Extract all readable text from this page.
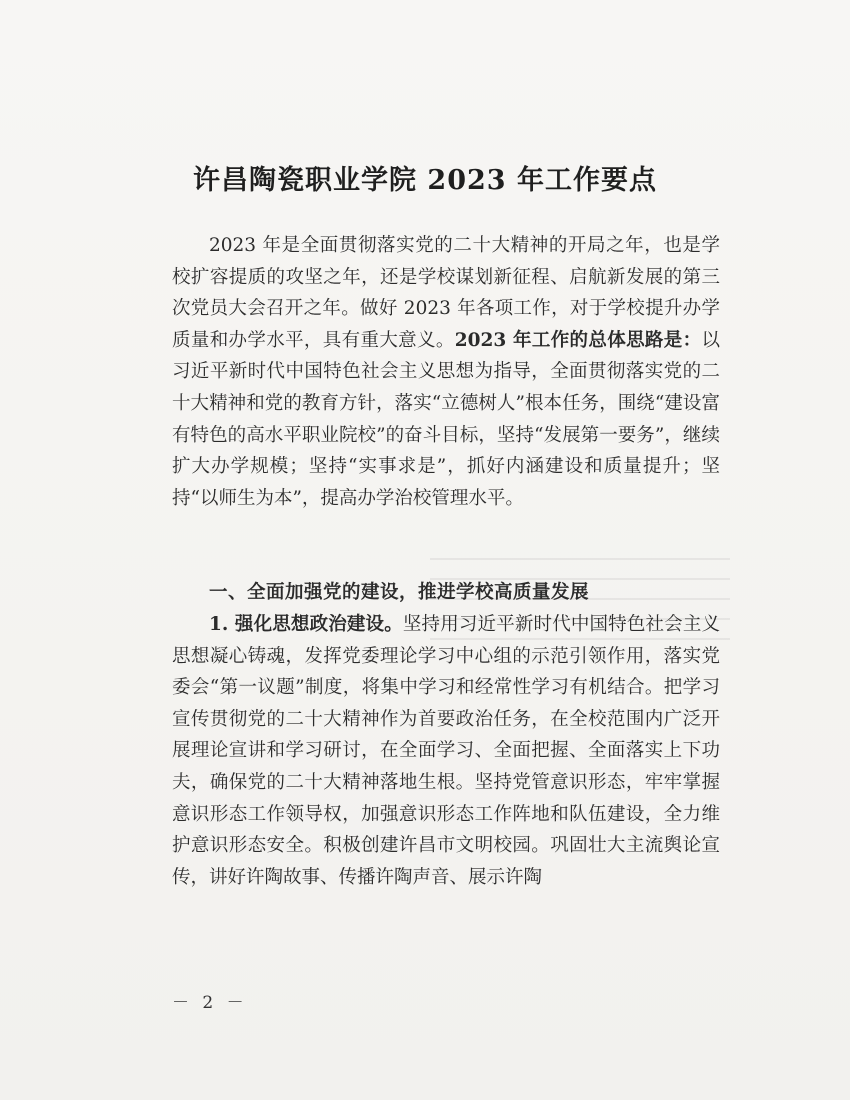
许昌陶瓷职业学院 2023 年工作要点
2023 年是全面贯彻落实党的二十大精神的开局之年，也是学校扩容提质的攻坚之年，还是学校谋划新征程、启航新发展的第三次党员大会召开之年。做好 2023 年各项工作，对于学校提升办学质量和办学水平，具有重大意义。2023 年工作的总体思路是：以习近平新时代中国特色社会主义思想为指导，全面贯彻落实党的二十大精神和党的教育方针，落实“立德树人”根本任务，围绕“建设富有特色的高水平职业院校”的奋斗目标，坚持“发展第一要务”，继续扩大办学规模；坚持“实事求是”，抓好内涵建设和质量提升；坚持“以师生为本”，提高办学治校管理水平。
一、全面加强党的建设，推进学校高质量发展
1. 强化思想政治建设。坚持用习近平新时代中国特色社会主义思想凝心铸魂，发挥党委理论学习中心组的示范引领作用，落实党委会“第一议题”制度，将集中学习和经常性学习有机结合。把学习宣传贯彻党的二十大精神作为首要政治任务，在全校范围内广泛开展理论宣讲和学习研讨，在全面学习、全面把握、全面落实上下功夫，确保党的二十大精神落地生根。坚持党管意识形态，牢牢掌握意识形态工作领导权，加强意识形态工作阵地和队伍建设，全力维护意识形态安全。积极创建许昌市文明校园。巩固壮大主流舆论宣传，讲好许陶故事、传播许陶声音、展示许陶
－ 2 －
